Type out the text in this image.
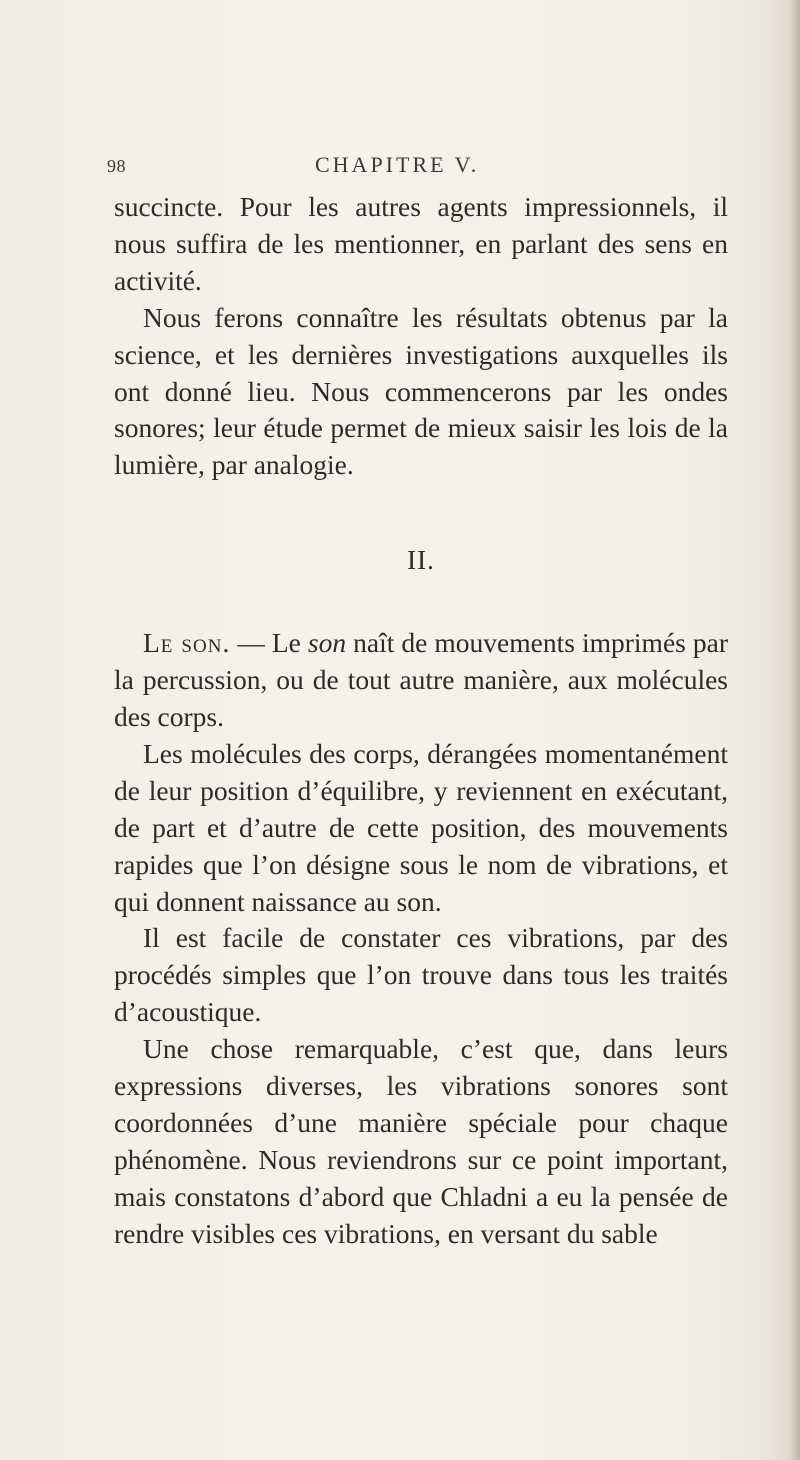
98	CHAPITRE V.

succincte. Pour les autres agents impressionnels, il nous suffira de les mentionner, en parlant des sens en activité.

Nous ferons connaître les résultats obtenus par la science, et les dernières investigations auxquelles ils ont donné lieu. Nous commencerons par les ondes sonores; leur étude permet de mieux saisir les lois de la lumière, par analogie.

II.

Le son. — Le son naît de mouvements imprimés par la percussion, ou de tout autre manière, aux molécules des corps.

Les molécules des corps, dérangées momentanément de leur position d’équilibre, y reviennent en exécutant, de part et d’autre de cette position, des mouvements rapides que l’on désigne sous le nom de vibrations, et qui donnent naissance au son.

Il est facile de constater ces vibrations, par des procédés simples que l’on trouve dans tous les traités d’acoustique.

Une chose remarquable, c’est que, dans leurs expressions diverses, les vibrations sonores sont coordonnées d’une manière spéciale pour chaque phénomène. Nous reviendrons sur ce point important, mais constatons d’abord que Chladni a eu la pensée de rendre visibles ces vibrations, en versant du sable
